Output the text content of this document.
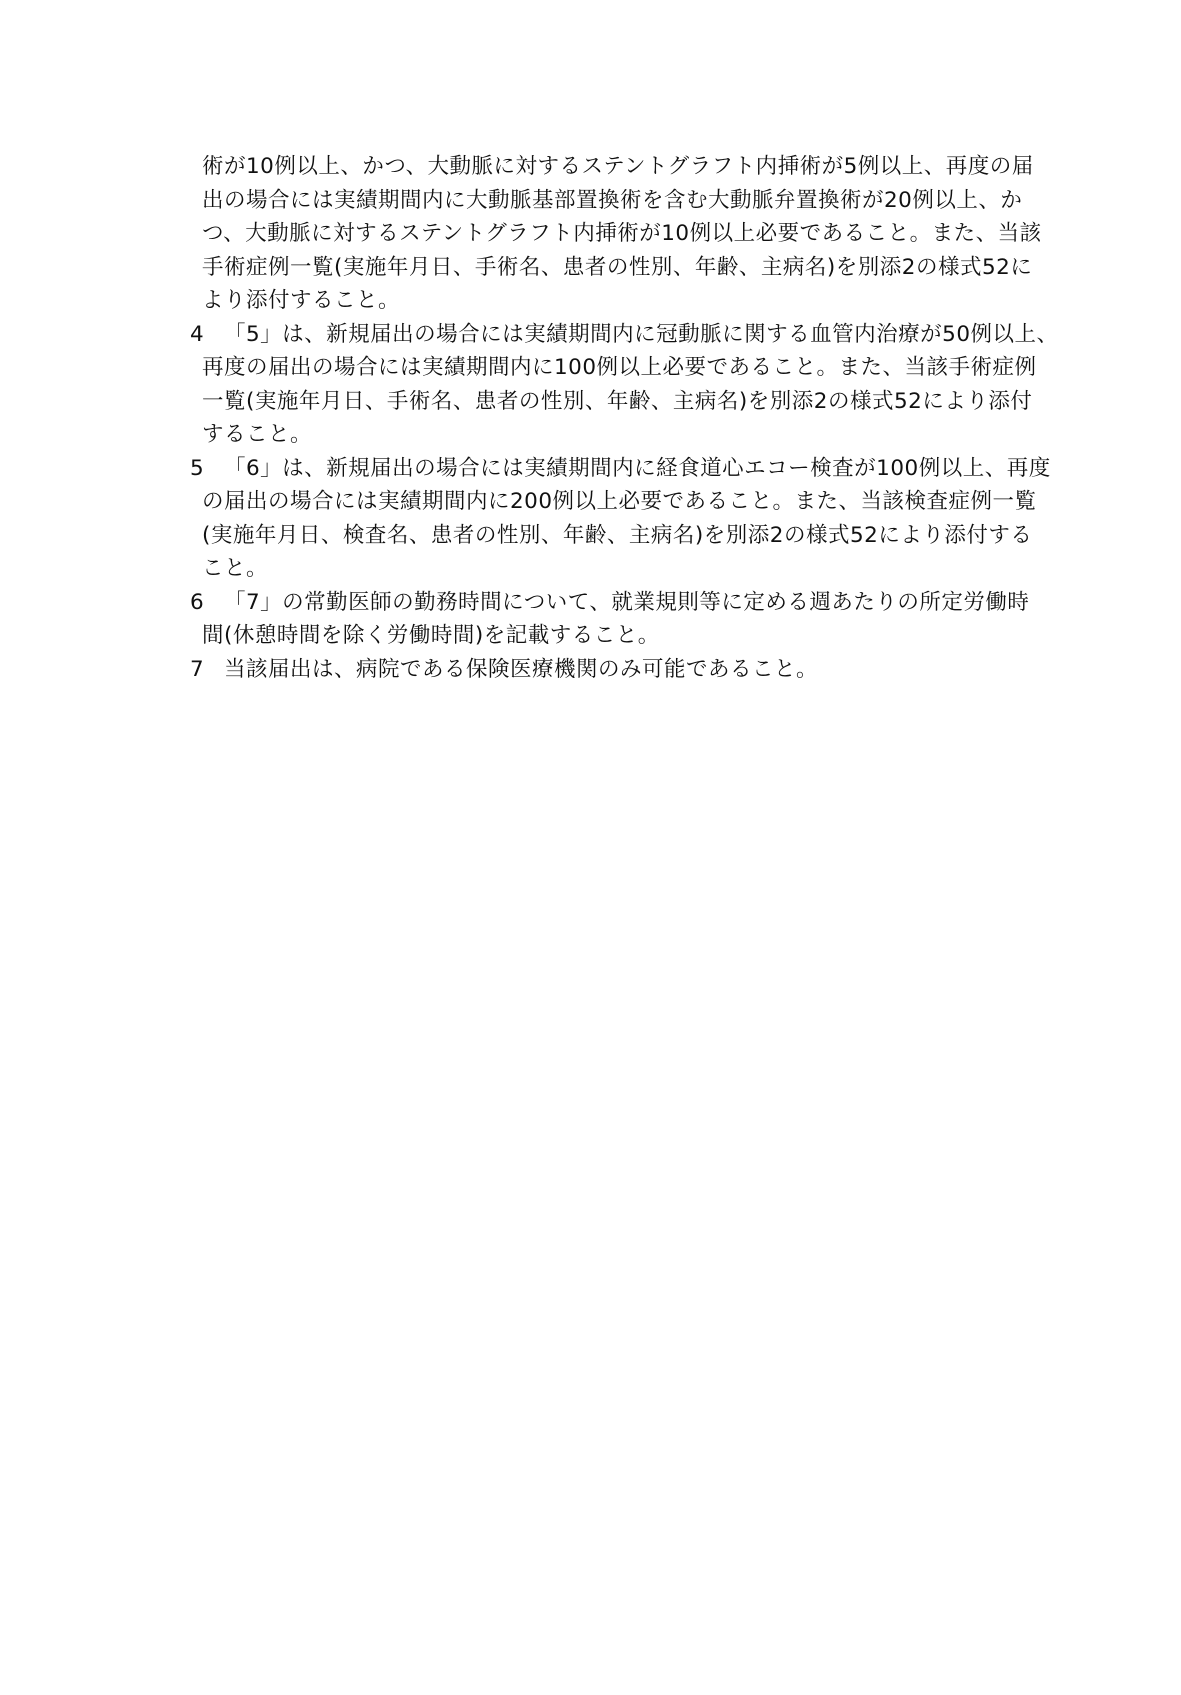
術が10例以上、かつ、大動脈に対するステントグラフト内挿術が5例以上、再度の届
出の場合には実績期間内に大動脈基部置換術を含む大動脈弁置換術が20例以上、か
つ、大動脈に対するステントグラフト内挿術が10例以上必要であること。また、当該
手術症例一覧(実施年月日、手術名、患者の性別、年齢、主病名)を別添2の様式52に
より添付すること。
4 「5」は、新規届出の場合には実績期間内に冠動脈に関する血管内治療が50例以上、
再度の届出の場合には実績期間内に100例以上必要であること。また、当該手術症例
一覧(実施年月日、手術名、患者の性別、年齢、主病名)を別添2の様式52により添付
すること。
5 「6」は、新規届出の場合には実績期間内に経食道心エコー検査が100例以上、再度
の届出の場合には実績期間内に200例以上必要であること。また、当該検査症例一覧
(実施年月日、検査名、患者の性別、年齢、主病名)を別添2の様式52により添付する
こと。
6 「7」の常勤医師の勤務時間について、就業規則等に定める週あたりの所定労働時
間(休憩時間を除く労働時間)を記載すること。
7 当該届出は、病院である保険医療機関のみ可能であること。
